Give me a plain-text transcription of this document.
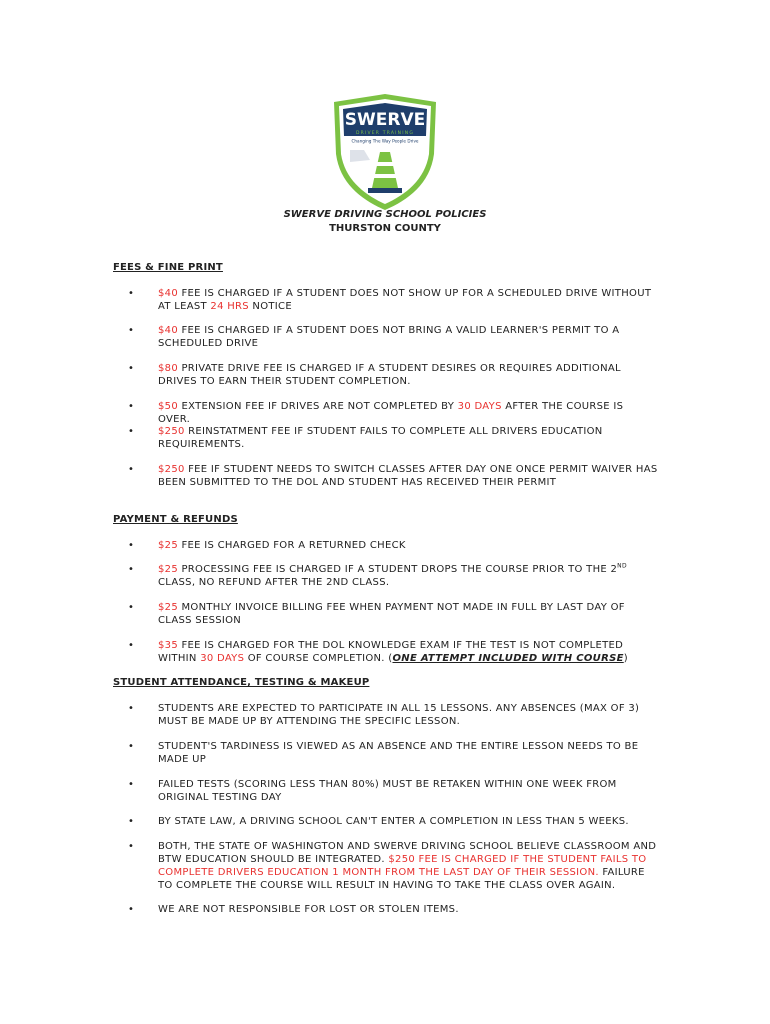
SWERVE
DRIVER TRAINING
Changing The Way People Drive
SWERVE DRIVING SCHOOL POLICIES
THURSTON COUNTY
FEES & FINE PRINT
• $40 FEE IS CHARGED IF A STUDENT DOES NOT SHOW UP FOR A SCHEDULED DRIVE WITHOUT AT LEAST 24 HRS NOTICE
• $40 FEE IS CHARGED IF A STUDENT DOES NOT BRING A VALID LEARNER'S PERMIT TO A SCHEDULED DRIVE
• $80 PRIVATE DRIVE FEE IS CHARGED IF A STUDENT DESIRES OR REQUIRES ADDITIONAL DRIVES TO EARN THEIR STUDENT COMPLETION.
• $50 EXTENSION FEE IF DRIVES ARE NOT COMPLETED BY 30 DAYS AFTER THE COURSE IS OVER.
• $250 REINSTATMENT FEE IF STUDENT FAILS TO COMPLETE ALL DRIVERS EDUCATION REQUIREMENTS.
• $250 FEE IF STUDENT NEEDS TO SWITCH CLASSES AFTER DAY ONE ONCE PERMIT WAIVER HAS BEEN SUBMITTED TO THE DOL AND STUDENT HAS RECEIVED THEIR PERMIT
PAYMENT & REFUNDS
• $25 FEE IS CHARGED FOR A RETURNED CHECK
• $25 PROCESSING FEE IS CHARGED IF A STUDENT DROPS THE COURSE PRIOR TO THE 2ND CLASS, NO REFUND AFTER THE 2ND CLASS.
• $25 MONTHLY INVOICE BILLING FEE WHEN PAYMENT NOT MADE IN FULL BY LAST DAY OF CLASS SESSION
• $35 FEE IS CHARGED FOR THE DOL KNOWLEDGE EXAM IF THE TEST IS NOT COMPLETED WITHIN 30 DAYS OF COURSE COMPLETION. (ONE ATTEMPT INCLUDED WITH COURSE)
STUDENT ATTENDANCE, TESTING & MAKEUP
• STUDENTS ARE EXPECTED TO PARTICIPATE IN ALL 15 LESSONS. ANY ABSENCES (MAX OF 3) MUST BE MADE UP BY ATTENDING THE SPECIFIC LESSON.
• STUDENT'S TARDINESS IS VIEWED AS AN ABSENCE AND THE ENTIRE LESSON NEEDS TO BE MADE UP
• FAILED TESTS (SCORING LESS THAN 80%) MUST BE RETAKEN WITHIN ONE WEEK FROM ORIGINAL TESTING DAY
• BY STATE LAW, A DRIVING SCHOOL CAN'T ENTER A COMPLETION IN LESS THAN 5 WEEKS.
• BOTH, THE STATE OF WASHINGTON AND SWERVE DRIVING SCHOOL BELIEVE CLASSROOM AND BTW EDUCATION SHOULD BE INTEGRATED. $250 FEE IS CHARGED IF THE STUDENT FAILS TO COMPLETE DRIVERS EDUCATION 1 MONTH FROM THE LAST DAY OF THEIR SESSION. FAILURE TO COMPLETE THE COURSE WILL RESULT IN HAVING TO TAKE THE CLASS OVER AGAIN.
• WE ARE NOT RESPONSIBLE FOR LOST OR STOLEN ITEMS.
